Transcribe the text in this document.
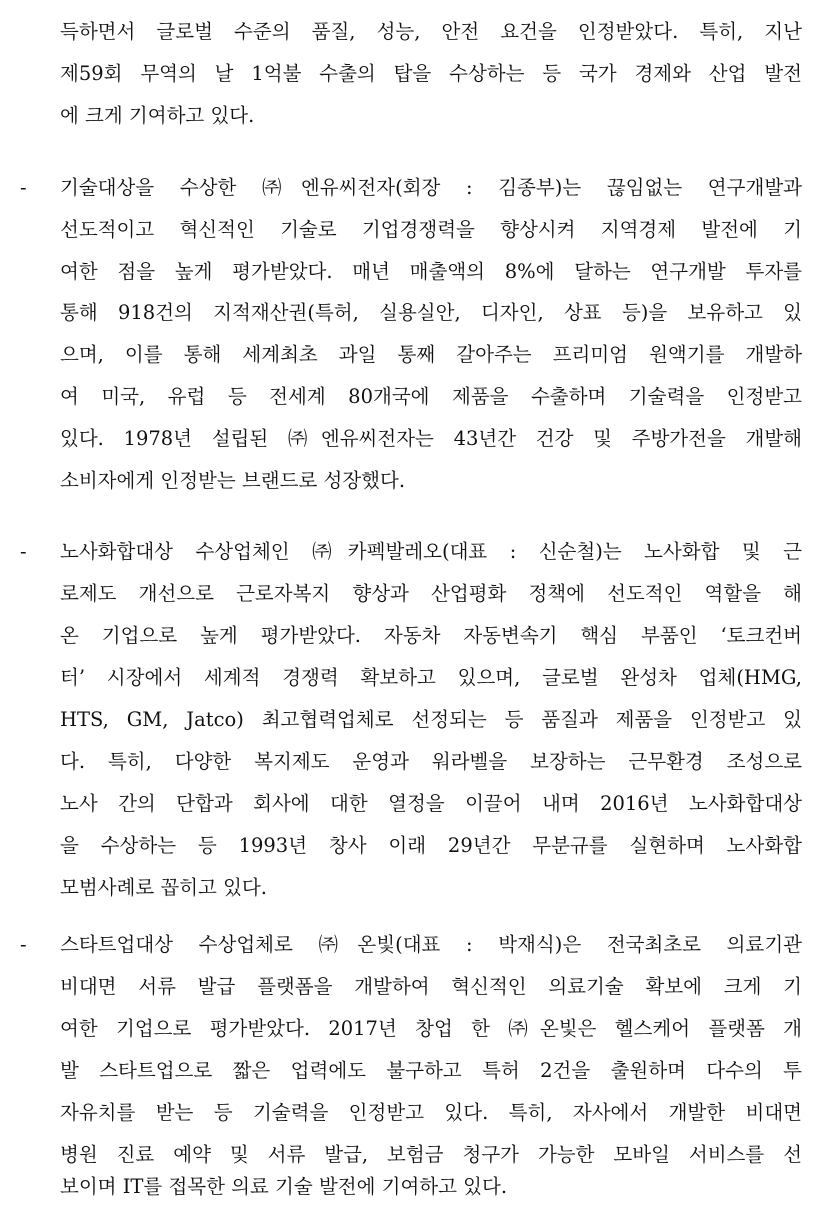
득하면서 글로벌 수준의 품질, 성능, 안전 요건을 인정받았다. 특히, 지난
제59회 무역의 날 1억불 수출의 탑을 수상하는 등 국가 경제와 산업 발전
에 크게 기여하고 있다.
-	기술대상을 수상한 ㈜엔유씨전자(회장 : 김종부)는 끊임없는 연구개발과
선도적이고 혁신적인 기술로 기업경쟁력을 향상시켜 지역경제 발전에 기
여한 점을 높게 평가받았다. 매년 매출액의 8%에 달하는 연구개발 투자를
통해 918건의 지적재산권(특허, 실용실안, 디자인, 상표 등)을 보유하고 있
으며, 이를 통해 세계최초 과일 통째 갈아주는 프리미엄 원액기를 개발하
여 미국, 유럽 등 전세계 80개국에 제품을 수출하며 기술력을 인정받고
있다. 1978년 설립된 ㈜엔유씨전자는 43년간 건강 및 주방가전을 개발해
소비자에게 인정받는 브랜드로 성장했다.
-	노사화합대상 수상업체인 ㈜카펙발레오(대표 : 신순철)는 노사화합 및 근
로제도 개선으로 근로자복지 향상과 산업평화 정책에 선도적인 역할을 해
온 기업으로 높게 평가받았다. 자동차 자동변속기 핵심 부품인 ‘토크컨버
터’ 시장에서 세계적 경쟁력 확보하고 있으며, 글로벌 완성차 업체(HMG,
HTS, GM, Jatco) 최고협력업체로 선정되는 등 품질과 제품을 인정받고 있
다. 특히, 다양한 복지제도 운영과 워라벨을 보장하는 근무환경 조성으로
노사 간의 단합과 회사에 대한 열정을 이끌어 내며 2016년 노사화합대상
을 수상하는 등 1993년 창사 이래 29년간 무분규를 실현하며 노사화합
모범사례로 꼽히고 있다.
-	스타트업대상 수상업체로 ㈜온빛(대표 : 박재식)은 전국최초로 의료기관
비대면 서류 발급 플랫폼을 개발하여 혁신적인 의료기술 확보에 크게 기
여한 기업으로 평가받았다. 2017년 창업 한 ㈜온빛은 헬스케어 플랫폼 개
발 스타트업으로 짧은 업력에도 불구하고 특허 2건을 출원하며 다수의 투
자유치를 받는 등 기술력을 인정받고 있다. 특히, 자사에서 개발한 비대면
병원 진료 예약 및 서류 발급, 보험금 청구가 가능한 모바일 서비스를 선
보이며 IT를 접목한 의료 기술 발전에 기여하고 있다.
